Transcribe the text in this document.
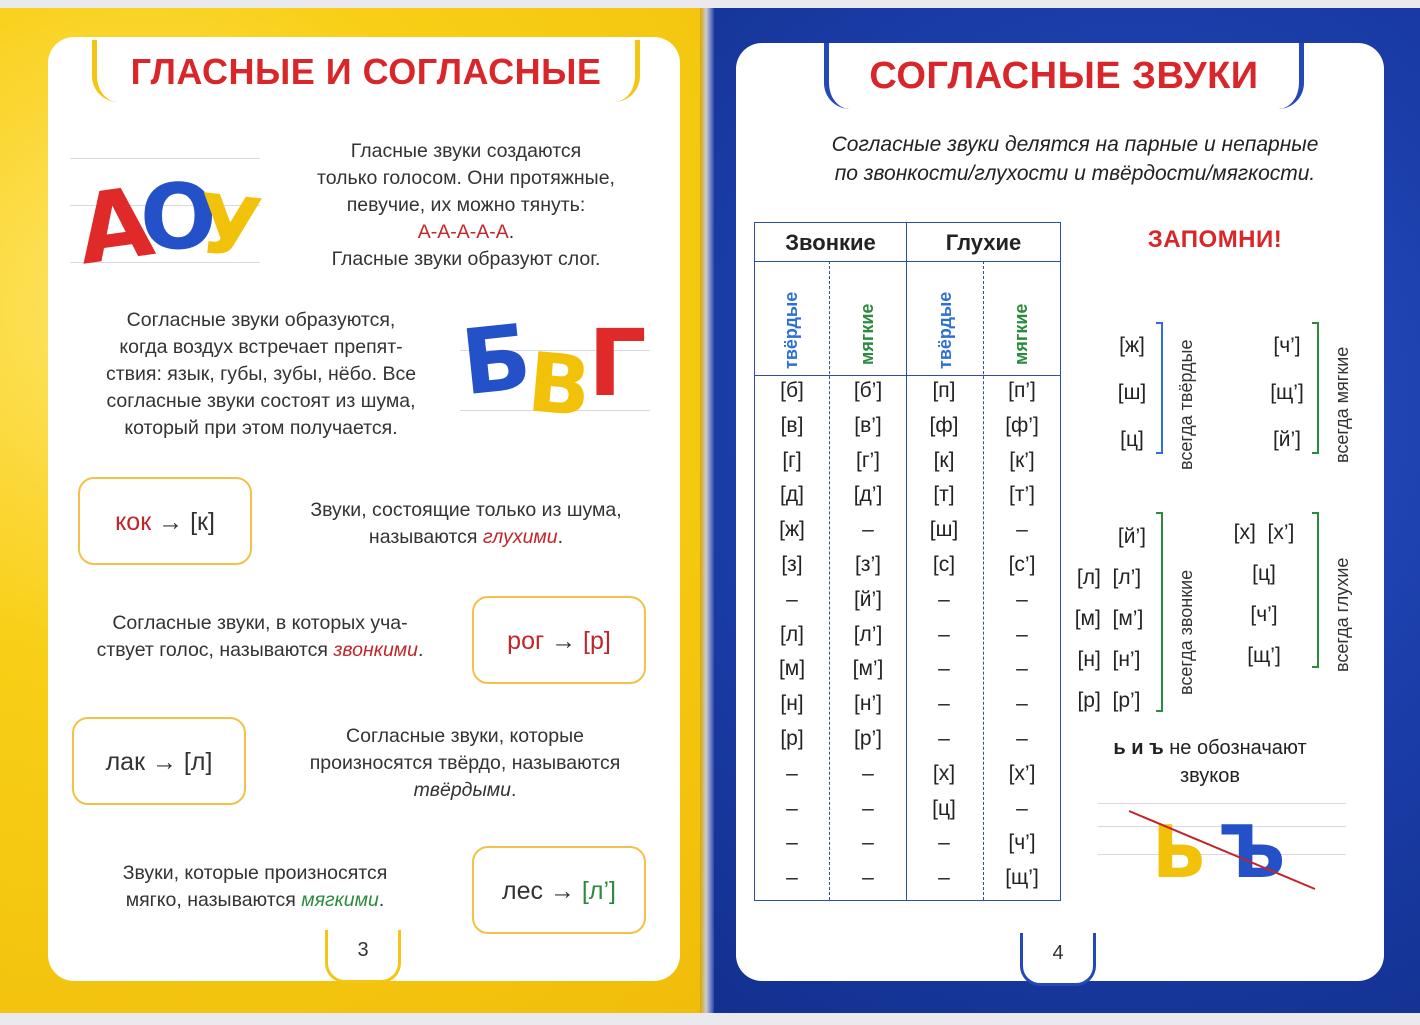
ГЛАСНЫЕ И СОГЛАСНЫЕ
А
О
У
Гласные звуки создаются
только голосом. Они протяжные,
певучие, их можно тянуть:
А-А-А-А-А.
Гласные звуки образуют слог.
Б
В
Г
Согласные звуки образуются,
когда воздух встречает препят-
ствия: язык, губы, зубы, нёбо. Все
согласные звуки состоят из шума,
который при этом получается.
кок → [к]	Звуки, состоящие только из шума,
называются глухими.
Согласные звуки, в которых уча-
ствует голос, называются звонкими.	рог → [р]
лак → [л]
Согласные звуки, которые
произносятся твёрдо, называются
твёрдыми.
Звуки, которые произносятся
мягко, называются мягкими.	лес → [л’]
3
СОГЛАСНЫЕ ЗВУКИ
Согласные звуки делятся на парные и непарные
по звонкости/глухости и твёрдости/мягкости.
Звонкие	Глухие
твёрдые	мягкие	твёрдые	мягкие
[б]	[б’]	[п]	[п’]
[в]	[в’]	[ф]	[ф’]
[г]	[г’]	[к]	[к’]
[д]	[д’]	[т]	[т’]
[ж]	–	[ш]	–
[з]	[з’]	[с]	[с’]
–	[й’]	–	–
[л]	[л’]	–	–
[м]	[м’]	–	–
[н]	[н’]	–	–
[р]	[р’]	–	–
–	–	[х]	[х’]
–	–	[ц]	–
–	–	–	[ч’]
–	–	–	[щ’]
ЗАПОМНИ!
[ж]
[ш]
[ц]	всегда твёрдые	[ч’]
[щ’]
[й’]	всегда мягкие
[й’]
[л] [л’]
[м] [м’]
[н] [н’]
[р] [р’]
всегда звонкие
[х] [х’]
[ц]
[ч’]
[щ’]	всегда глухие
ь и ъ не обозначают
звуков
Ь Ъ
4
